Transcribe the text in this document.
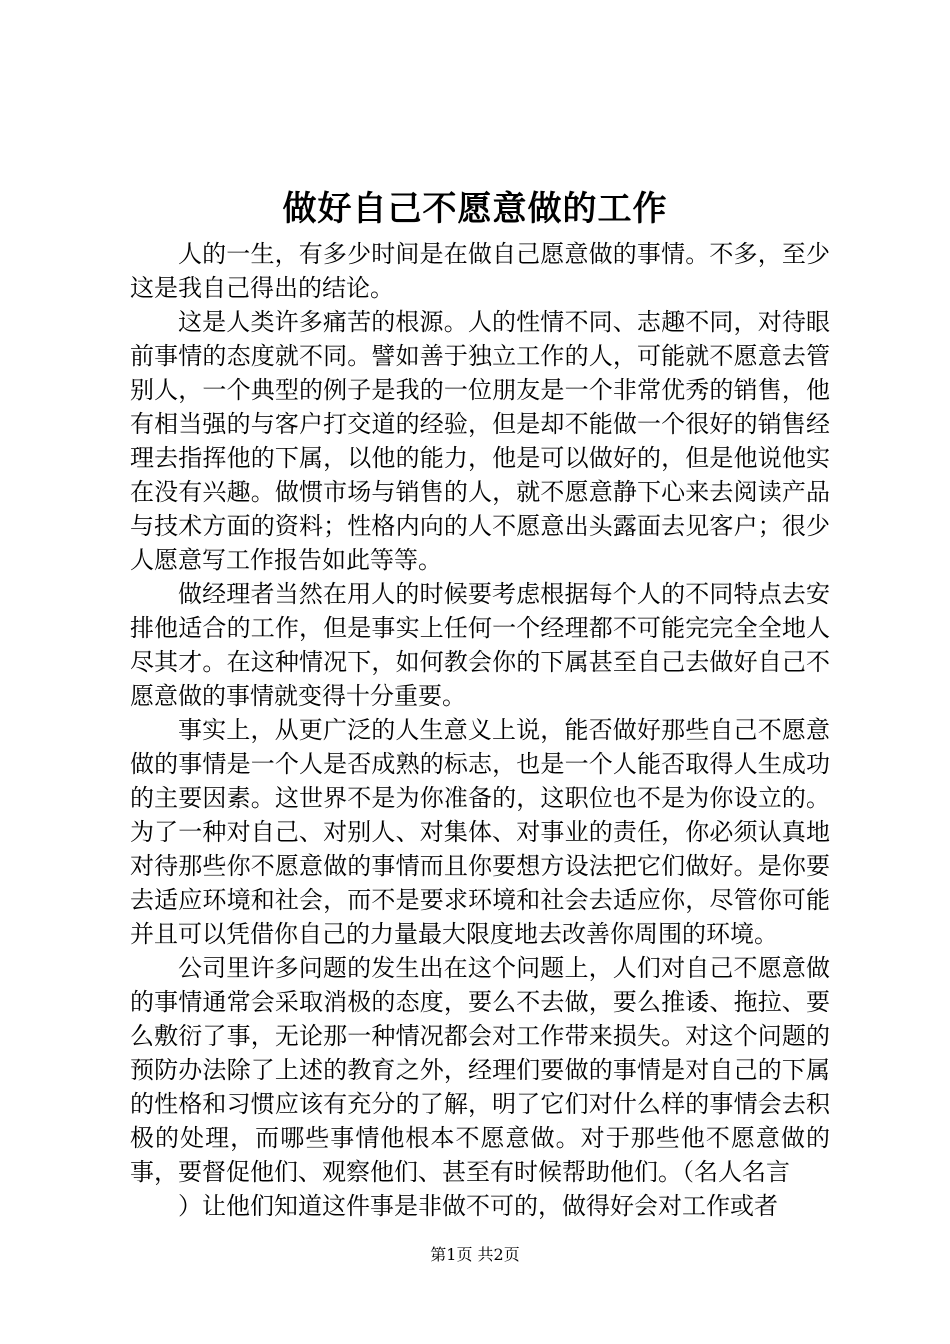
做好自己不愿意做的工作

人的一生，有多少时间是在做自己愿意做的事情。不多，至少这是我自己得出的结论。

这是人类许多痛苦的根源。人的性情不同、志趣不同，对待眼前事情的态度就不同。譬如善于独立工作的人，可能就不愿意去管别人，一个典型的例子是我的一位朋友是一个非常优秀的销售，他有相当强的与客户打交道的经验，但是却不能做一个很好的销售经理去指挥他的下属，以他的能力，他是可以做好的，但是他说他实在没有兴趣。做惯市场与销售的人，就不愿意静下心来去阅读产品与技术方面的资料；性格内向的人不愿意出头露面去见客户；很少人愿意写工作报告如此等等。

做经理者当然在用人的时候要考虑根据每个人的不同特点去安排他适合的工作，但是事实上任何一个经理都不可能完完全全地人尽其才。在这种情况下，如何教会你的下属甚至自己去做好自己不愿意做的事情就变得十分重要。

事实上，从更广泛的人生意义上说，能否做好那些自己不愿意做的事情是一个人是否成熟的标志，也是一个人能否取得人生成功的主要因素。这世界不是为你准备的，这职位也不是为你设立的。为了一种对自己、对别人、对集体、对事业的责任，你必须认真地对待那些你不愿意做的事情而且你要想方设法把它们做好。是你要去适应环境和社会，而不是要求环境和社会去适应你，尽管你可能并且可以凭借你自己的力量最大限度地去改善你周围的环境。

公司里许多问题的发生出在这个问题上，人们对自己不愿意做的事情通常会采取消极的态度，要么不去做，要么推诿、拖拉、要么敷衍了事，无论那一种情况都会对工作带来损失。对这个问题的预防办法除了上述的教育之外，经理们要做的事情是对自己的下属的性格和习惯应该有充分的了解，明了它们对什么样的事情会去积极的处理，而哪些事情他根本不愿意做。对于那些他不愿意做的事，要督促他们、观察他们、甚至有时候帮助他们。（名人名言

）让他们知道这件事是非做不可的，做得好会对工作或者

第1页 共2页
